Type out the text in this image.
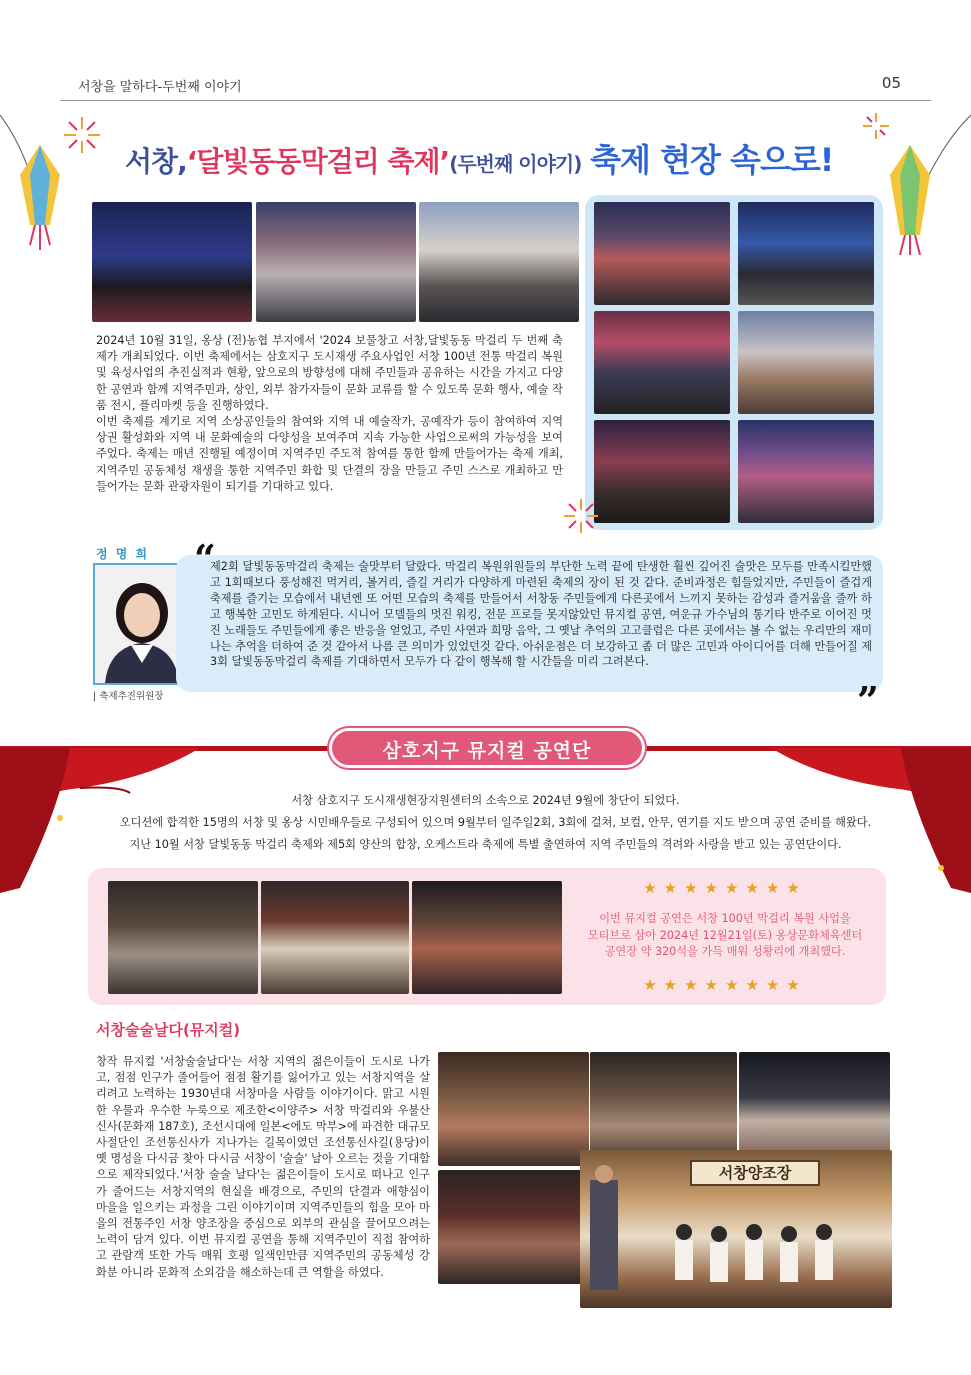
서창을 말하다-두번째 이야기	05
서창,‘달빛동동막걸리 축제’(두번째 이야기) 축제 현장 속으로!

2024년 10월 31일, 옹상 (전)농협 부지에서 '2024 보물창고 서창,달빛동동 막걸리 두 번째 축제가 개최되었다. 이번 축제에서는 삼호지구 도시재생 주요사업인 서창 100년 전통 막걸리 복원 및 육성사업의 추진실적과 현황, 앞으로의 방향성에 대해 주민들과 공유하는 시간을 가지고 다양한 공연과 함께 지역주민과, 상인, 외부 참가자들이 문화 교류를 할 수 있도록 문화 행사, 예술 작품 전시, 플리마켓 등을 진행하였다.

이번 축제를 계기로 지역 소상공인들의 참여와 지역 내 예술작가, 공예작가 등이 참여하여 지역 상권 활성화와 지역 내 문화예술의 다양성을 보여주며 지속 가능한 사업으로써의 가능성을 보여주었다. 축제는 매년 진행될 예정이며 지역주민 주도적 참여를 통한 함께 만들어가는 축제 개최, 지역주민 공동체성 재생을 통한 지역주민 화합 및 단결의 장을 만들고 주민 스스로 개최하고 만들어가는 문화 관광자원이 되기를 기대하고 있다.

정 명 희
| 축제추진위원장
“
”
제2회 달빛동동막걸리 축제는 술맛부터 달랐다. 막걸리 복원위원들의 부단한 노력 끝에 탄생한 훨씬 깊어진 술맛은 모두를 만족시킬만했고 1회때보다 풍성해진 먹거리, 볼거리, 즐길 거리가 다양하게 마련된 축제의 장이 된 것 같다. 준비과정은 힘들었지만, 주민들이 즐겁게 축제를 즐기는 모습에서 내년엔 또 어떤 모습의 축제를 만들어서 서창동 주민들에게 다른곳에서 느끼지 못하는 감성과 즐거움을 줄까 하고 행복한 고민도 하게된다. 시니어 모델들의 멋진 워킹, 전문 프로들 못지않았던 뮤지컬 공연, 여운규 가수님의 통기타 반주로 이어진 멋진 노래들도 주민들에게 좋은 반응을 얻었고, 주민 사연과 희망 음악, 그 옛날 추억의 고고클럽은 다른 곳에서는 볼 수 없는 우리만의 재미나는 추억을 더하여 준 것 같아서 나름 큰 의미가 있었던것 같다. 아쉬운점은 더 보강하고 좀 더 많은 고민과 아이디어를 더해 만들어질 제3회 달빛동동막걸리 축제를 기대하면서 모두가 다 같이 행복해 할 시간들을 미리 그려본다.
삼호지구 뮤지컬 공연단
서창 삼호지구 도시재생현장지원센터의 소속으로 2024년 9월에 창단이 되었다.
오디션에 합격한 15명의 서창 및 옹상 시민배우들로 구성되어 있으며 9월부터 일주일2회, 3회에 걸쳐, 보컬, 안무, 연기를 지도 받으며 공연 준비를 해왔다.
지난 10월 서창 달빛동동 막걸리 축제와 제5회 양산의 합창, 오케스트라 축제에 특별 출연하여 지역 주민들의 격려와 사랑을 받고 있는 공연단이다.
★★★★★★★★
이번 뮤지컬 공연은 서창 100년 막걸리 복원 사업을
모티브로 삼아 2024년 12월21일(토) 옹상문화체육센터
공연장 약 320석을 가득 매워 성황리에 개최했다.
★★★★★★★★
서창술술날다(뮤지컬)
창작 뮤지컬 '서창술술날다'는 서창 지역의 젊은이들이 도시로 나가고, 점점 인구가 줄어들어 점점 활기를 잃어가고 있는 서창지역을 살리려고 노력하는 1930년대 서창마을 사람들 이야기이다. 맑고 시원한 우물과 우수한 누룩으로 제조한<이양주> 서창 막걸리와 우불산 신사(문화재 187호), 조선시대에 일본<에도 막부>에 파견한 대규모 사절단인 조선통신사가 지나가는 길목이였던 조선통신사길(용당)이 옛 명성을 다시금 찾아 다시금 서창이 '술술' 날아 오르는 것을 기대함으로 제작되었다.'서창 술술 날다'는 젊은이들이 도시로 떠나고 인구가 줄어드는 서창지역의 현실을 배경으로, 주민의 단결과 애향심이 마을을 일으키는 과정을 그린 이야기이며 지역주민들의 힘을 모아 마을의 전통주인 서창 양조장을 중심으로 외부의 관심을 끌어모으려는 노력이 담겨 있다. 이번 뮤지컬 공연을 통해 지역주민이 직접 참여하고 관람객 또한 가득 매워 호평 일색인만큼 지역주민의 공동체성 강화분 아니라 문화적 소외감을 해소하는데 큰 역할을 하였다.
서창양조장
